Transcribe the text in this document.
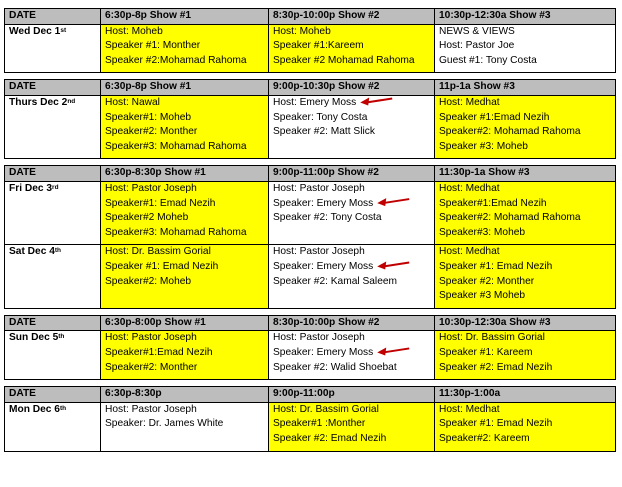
DATE	6:30p-8p Show #1	8:30p-10:00p Show #2	10:30p-12:30a Show #3
Wed Dec 1st	Host: Moheb
Speaker #1: Monther
Speaker #2:Mohamad Rahoma	Host: Moheb
Speaker #1:Kareem
Speaker #2 Mohamad Rahoma	NEWS & VIEWS
Host: Pastor Joe
Guest #1: Tony Costa

DATE	6:30p-8p Show #1	9:00p-10:30p Show #2	11p-1a Show #3
Thurs Dec 2nd	Host: Nawal
Speaker#1: Moheb
Speaker#2: Monther
Speaker#3: Mohamad Rahoma	Host: Emery Moss
Speaker: Tony Costa
Speaker #2: Matt Slick	Host: Medhat
Speaker #1:Emad Nezih
Speaker#2: Mohamad Rahoma
Speaker #3: Moheb

DATE	6:30p-8:30p Show #1	9:00p-11:00p Show #2	11:30p-1a Show #3
Fri Dec 3rd	Host: Pastor Joseph
Speaker#1: Emad Nezih
Speaker#2 Moheb
Speaker#3: Mohamad Rahoma	Host: Pastor Joseph
Speaker: Emery Moss
Speaker #2: Tony Costa	Host: Medhat
Speaker#1:Emad Nezih
Speaker#2: Mohamad Rahoma
Speaker#3: Moheb

Sat Dec 4th	Host: Dr. Bassim Gorial
Speaker #1: Emad Nezih
Speaker#2: Moheb	Host: Pastor Joseph
Speaker: Emery Moss
Speaker #2: Kamal Saleem	Host: Medhat
Speaker #1: Emad Nezih
Speaker #2: Monther
Speaker #3 Moheb

DATE	6:30p-8:00p Show #1	8:30p-10:00p Show #2	10:30p-12:30a Show #3
Sun Dec 5th	Host: Pastor Joseph
Speaker#1:Emad Nezih
Speaker#2: Monther	Host: Pastor Joseph
Speaker: Emery Moss
Speaker #2: Walid Shoebat	Host: Dr. Bassim Gorial
Speaker #1: Kareem
Speaker #2: Emad Nezih

DATE	6:30p-8:30p	9:00p-11:00p	11:30p-1:00a
Mon Dec 6th	Host: Pastor Joseph
Speaker: Dr. James White	Host: Dr. Bassim Gorial
Speaker#1 :Monther
Speaker #2: Emad Nezih	Host: Medhat
Speaker #1: Emad Nezih
Speaker#2: Kareem
